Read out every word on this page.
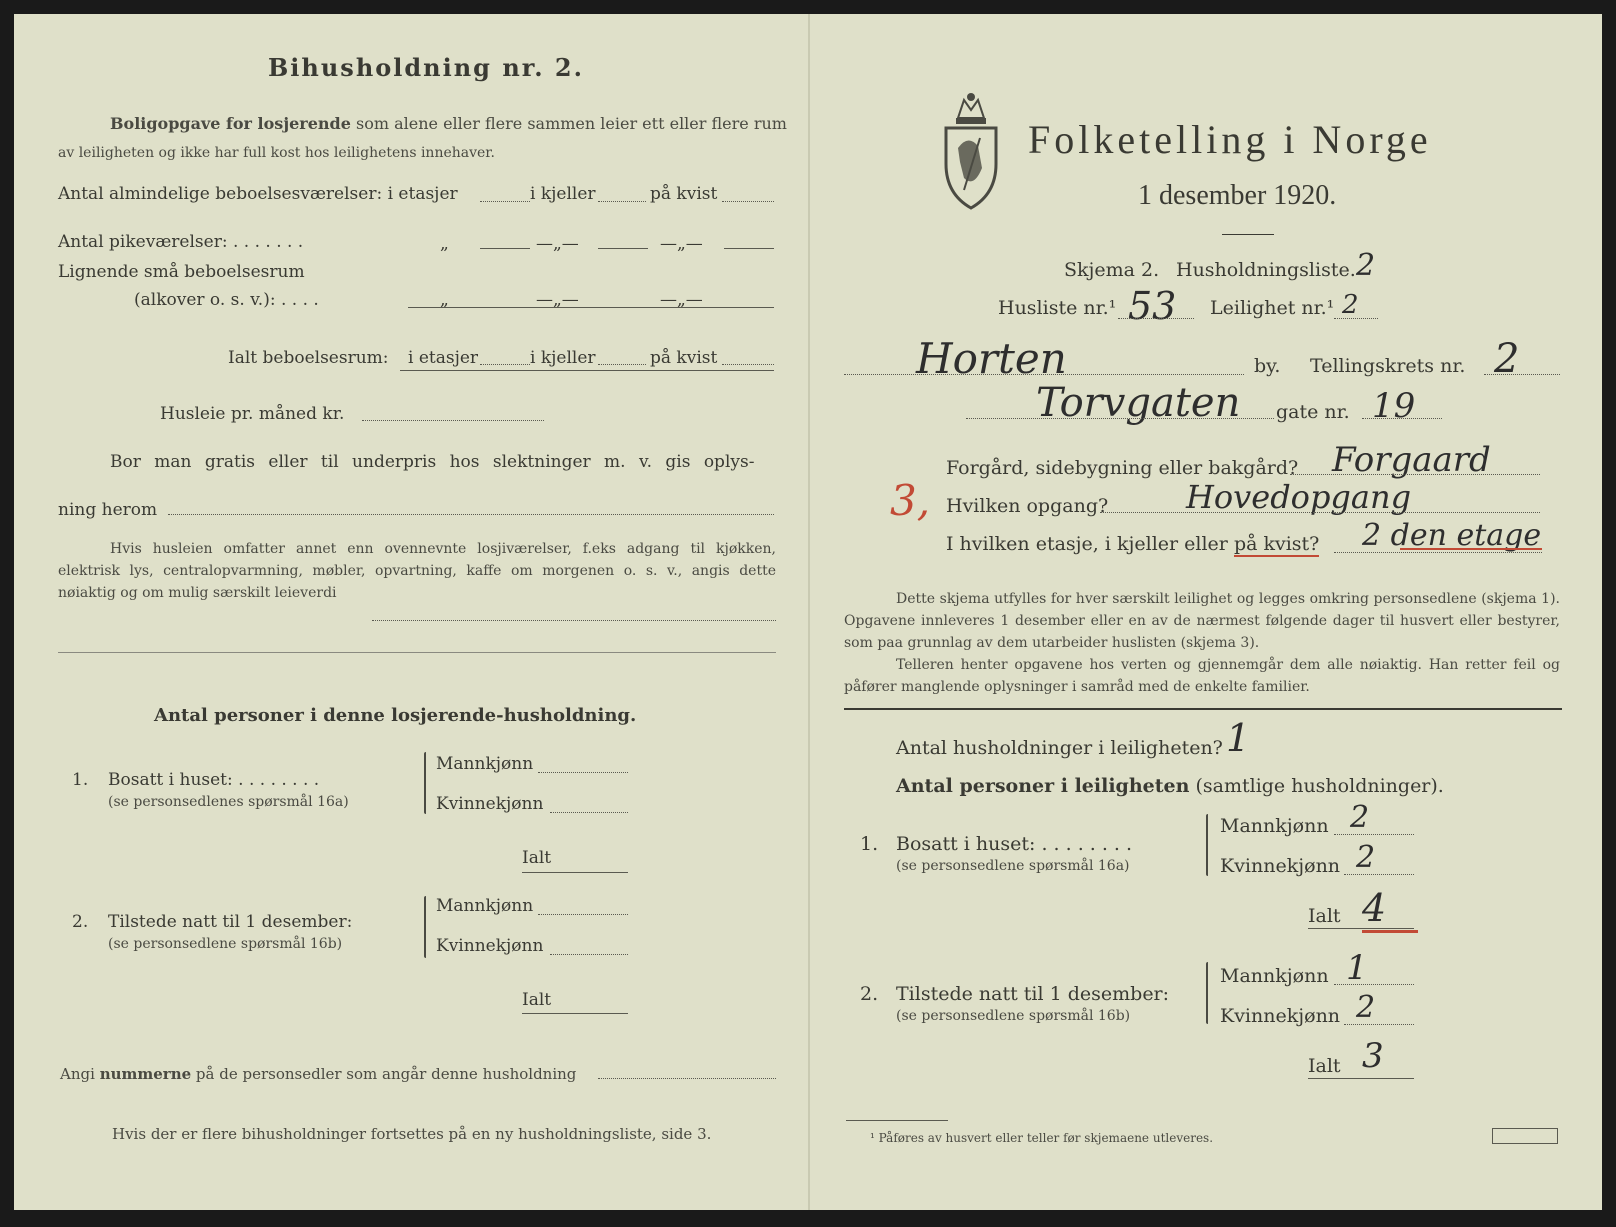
Bihusholdning nr. 2.
Boligopgave for losjerende som alene eller flere sammen leier ett eller flere rum
av leiligheten og ikke har full kost hos leilighetens innehaver.
Antal almindelige beboelsesværelser: i etasjer	i kjeller	på kvist
Antal pikeværelser: . . . . . . .	„	—„—	—„—
Lignende små beboelsesrum
(alkover o. s. v.): . . . .	„	—„—	—„—
Ialt beboelsesrum: i etasjer	i kjeller	på kvist
Husleie pr. måned kr.
Bor man gratis eller til underpris hos slektninger m. v. gis oplys-
ning herom
Hvis husleien omfatter annet enn ovennevnte losjiværelser, f.eks adgang til kjøkken, elektrisk lys, centralopvarmning, møbler, opvartning, kaffe om morgenen o. s. v., angis dette nøiaktig og om mulig særskilt leieverdi
Antal personer i denne losjerende-husholdning.
1. Bosatt i huset: . . . . . . . .
(se personsedlenes spørsmål 16a)
Mannkjønn
Kvinnekjønn
Ialt
2. Tilstede natt til 1 desember:
(se personsedlene spørsmål 16b)
Mannkjønn
Kvinnekjønn
Ialt
Angi nummerne på de personsedler som angår denne husholdning
Hvis der er flere bihusholdninger fortsettes på en ny husholdningsliste, side 3.
Folketelling i Norge
1 desember 1920.
Skjema 2. Husholdningsliste. 2
Husliste nr.¹ 53 Leilighet nr.¹ 2
Horten	by. Tellingskrets nr. 2
Torvgaten gate nr. 19
Forgård, sidebygning eller bakgård? Forgaard
3, Hvilken opgang? Hovedopgang
I hvilken etasje, i kjeller eller på kvist? 2 den etage
Dette skjema utfylles for hver særskilt leilighet og legges omkring personsedlene (skjema 1). Opgavene innleveres 1 desember eller en av de nærmest følgende dager til husvert eller bestyrer, som paa grunnlag av dem utarbeider huslisten (skjema 3).
Telleren henter opgavene hos verten og gjennemgår dem alle nøiaktig. Han retter feil og påfører manglende oplysninger i samråd med de enkelte familier.
Antal husholdninger i leiligheten? 1
Antal personer i leiligheten (samtlige husholdninger).
1. Bosatt i huset: . . . . . . . .
(se personsedlene spørsmål 16a)
Mannkjønn 2
Kvinnekjønn 2
Ialt 4
2. Tilstede natt til 1 desember:
(se personsedlene spørsmål 16b)
Mannkjønn 1
Kvinnekjønn 2
Ialt 3
¹ Påføres av husvert eller teller før skjemaene utleveres.
